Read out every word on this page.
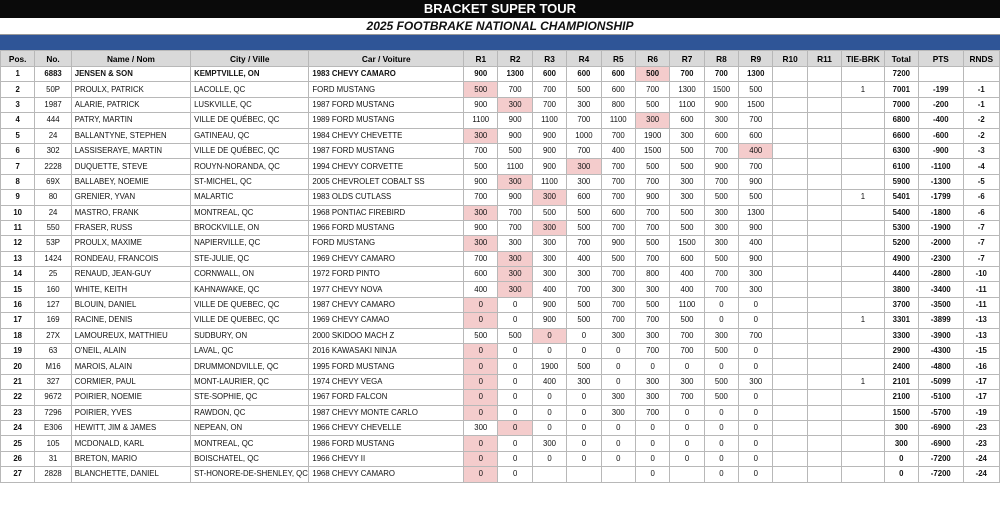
BRACKET SUPER TOUR
2025 FOOTBRAKE NATIONAL CHAMPIONSHIP
Pos.	No.	Name / Nom	City / Ville	Car / Voiture	R1	R2	R3	R4	R5	R6	R7	R8	R9	R10	R11	TIE-BRK	Total	PTS	RNDS
1	6883	JENSEN & SON	KEMPTVILLE, ON	1983 CHEVY CAMARO	900	1300	600	600	600	500	700	700	1300				7200		
2	50P	PROULX, PATRICK	LACOLLE, QC	FORD MUSTANG	500	700	700	500	600	700	1300	1500	500			1	7001	-199	-1
3	1987	ALARIE, PATRICK	LUSKVILLE, QC	1987 FORD MUSTANG	900	300	700	300	800	500	1100	900	1500				7000	-200	-1
4	444	PATRY, MARTIN	VILLE DE QUÉBEC, QC	1989 FORD MUSTANG	1100	900	1100	700	1100	300	600	300	700				6800	-400	-2
5	24	BALLANTYNE, STEPHEN	GATINEAU, QC	1984 CHEVY CHEVETTE	300	900	900	1000	700	1900	300	600	600				6600	-600	-2
6	302	LASSISERAYE, MARTIN	VILLE DE QUÉBEC, QC	1987 FORD MUSTANG	700	500	900	700	400	1500	500	700	400				6300	-900	-3
7	2228	DUQUETTE, STEVE	ROUYN-NORANDA, QC	1994 CHEVY CORVETTE	500	1100	900	300	700	500	500	900	700				6100	-1100	-4
8	69X	BALLABEY, NOEMIE	ST-MICHEL, QC	2005 CHEVROLET COBALT SS	900	300	1100	300	700	700	300	700	900				5900	-1300	-5
9	80	GRENIER, YVAN	MALARTIC	1983 OLDS CUTLASS	700	900	300	600	700	900	300	500	500			1	5401	-1799	-6
10	24	MASTRO, FRANK	MONTREAL, QC	1968 PONTIAC FIREBIRD	300	700	500	500	600	700	500	300	1300				5400	-1800	-6
11	550	FRASER, RUSS	BROCKVILLE, ON	1966 FORD MUSTANG	900	700	300	500	700	700	500	300	900				5300	-1900	-7
12	53P	PROULX, MAXIME	NAPIERVILLE, QC	FORD MUSTANG	300	300	300	700	900	500	1500	300	400				5200	-2000	-7
13	1424	RONDEAU, FRANCOIS	STE-JULIE, QC	1969 CHEVY CAMARO	700	300	300	400	500	700	600	500	900				4900	-2300	-7
14	25	RENAUD, JEAN-GUY	CORNWALL, ON	1972 FORD PINTO	600	300	300	300	700	800	400	700	300				4400	-2800	-10
15	160	WHITE, KEITH	KAHNAWAKE, QC	1977 CHEVY NOVA	400	300	400	700	300	300	400	700	300				3800	-3400	-11
16	127	BLOUIN, DANIEL	VILLE DE QUEBEC, QC	1987 CHEVY CAMARO	0	0	900	500	700	500	1100	0	0				3700	-3500	-11
17	169	RACINE, DENIS	VILLE DE QUEBEC, QC	1969 CHEVY CAMAO	0	0	900	500	700	700	500	0	0			1	3301	-3899	-13
18	27X	LAMOUREUX, MATTHIEU	SUDBURY, ON	2000 SKIDOO MACH Z	500	500	0	0	300	300	700	300	700				3300	-3900	-13
19	63	O'NEIL, ALAIN	LAVAL, QC	2016 KAWASAKI NINJA	0	0	0	0	0	700	700	500	0				2900	-4300	-15
20	M16	MAROIS, ALAIN	DRUMMONDVILLE, QC	1995 FORD MUSTANG	0	0	1900	500	0	0	0	0	0				2400	-4800	-16
21	327	CORMIER, PAUL	MONT-LAURIER, QC	1974 CHEVY VEGA	0	0	400	300	0	300	300	500	300			1	2101	-5099	-17
22	9672	POIRIER, NOEMIE	STE-SOPHIE, QC	1967 FORD FALCON	0	0	0	0	300	300	700	500	0				2100	-5100	-17
23	7296	POIRIER, YVES	RAWDON, QC	1987 CHEVY MONTE CARLO	0	0	0	0	300	700	0	0	0				1500	-5700	-19
24	E306	HEWITT, JIM & JAMES	NEPEAN, ON	1966 CHEVY CHEVELLE	300	0	0	0	0	0	0	0	0				300	-6900	-23
25	105	MCDONALD, KARL	MONTREAL, QC	1986 FORD MUSTANG	0	0	300	0	0	0	0	0	0				300	-6900	-23
26	31	BRETON, MARIO	BOISCHATEL, QC	1966 CHEVY II	0	0	0	0	0	0	0	0	0				0	-7200	-24
27	2828	BLANCHETTE, DANIEL	ST-HONORE-DE-SHENLEY, QC	1968 CHEVY CAMARO	0	0				0		0	0				0	-7200	-24
